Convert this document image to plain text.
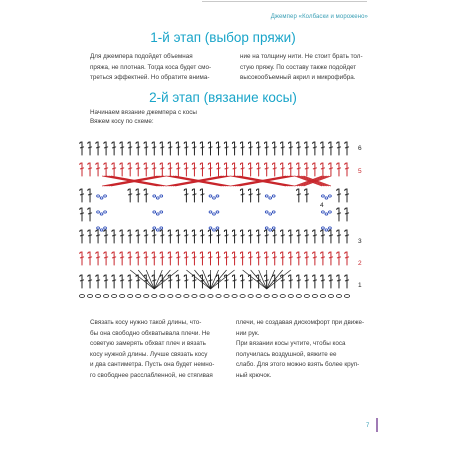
Джемпер «Колбаски и морожено»
1-й этап (выбор пряжи)

Для джемпера подойдет объемная

пряжа, не плотная. Тогда коса будет смо-

треться эффектней. Но обратите внима-

ние на толщину нити. Не стоит брать тол-

стую пряжу. По составу также подойдет

высокообъемный акрил и микрофибра.

2-й этап (вязание косы)
Начинаем вязание джемпера с косы
Вяжем косу по схеме:
6
5
4
3
2
1

Связать косу нужно такой длины, что-

бы она свободно обхватывала плечи. Не

советую замерять обхват плеч и вязать

косу нужной длины. Лучше связать косу

и два сантиметра. Пусть она будет немно-

го свободнее расслабленной, не стягивая

плечи, не создавая дискомфорт при движе-

нии рук.

При вязании косы учтите, чтобы коса

получилась воздушной, вяжите ее

слабо. Для этого можно взять более круп-

ный крючок.

7
